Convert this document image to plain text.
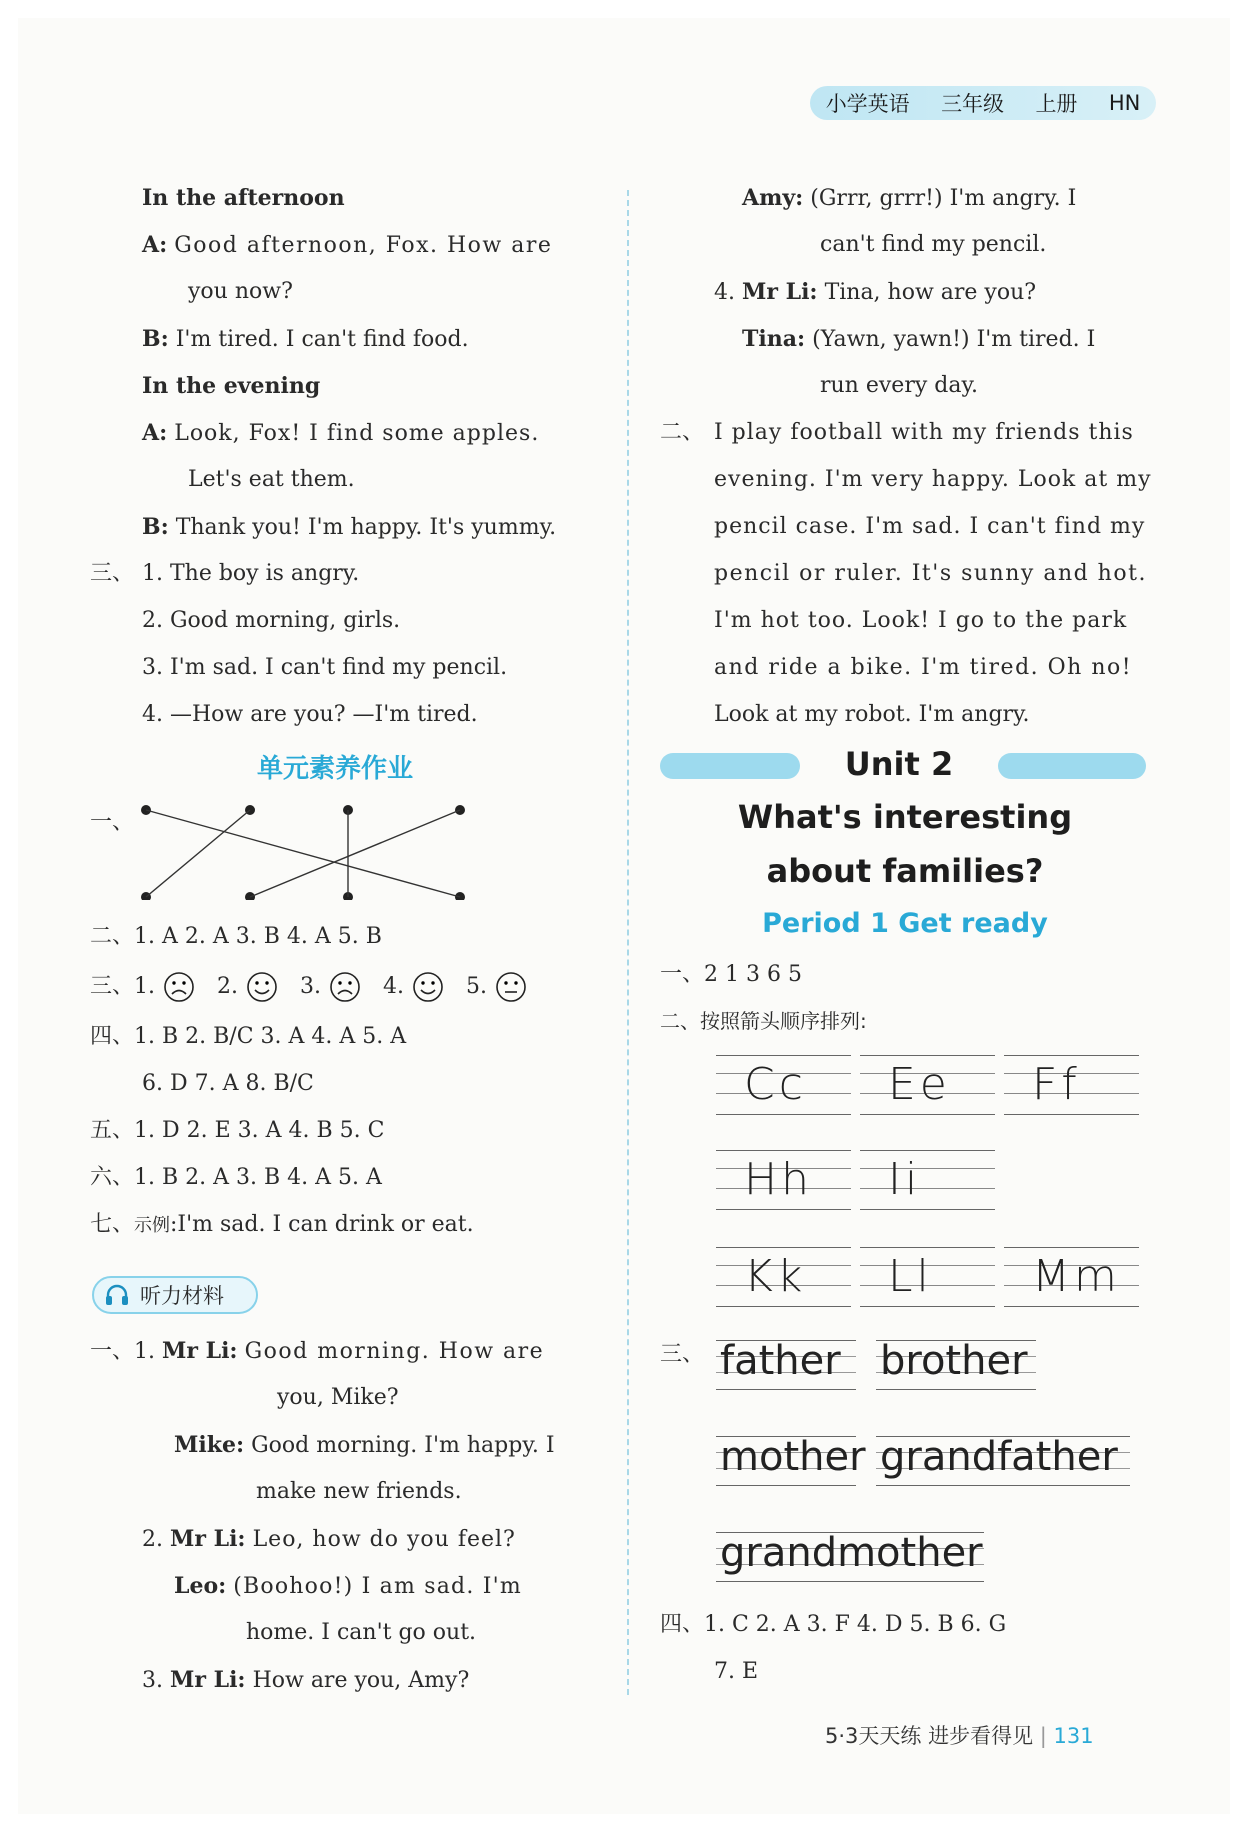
小学英语 三年级 上册 HN
In the afternoon
A: Good afternoon, Fox. How are
you now?
B: I'm tired. I can't find food.
In the evening
A: Look, Fox! I find some apples.
Let's eat them.
B: Thank you! I'm happy. It's yummy.
三、 1. The boy is angry.
2. Good morning, girls.
3. I'm sad. I can't find my pencil.
4. —How are you? —I'm tired.
单元素养作业
一、
二、1. A 2. A 3. B 4. A 5. B
三、1.	2.	3.	4.	5.
四、1. B 2. B/C 3. A 4. A 5. A
6. D 7. A 8. B/C
五、1. D 2. E 3. A 4. B 5. C
六、1. B 2. A 3. B 4. A 5. A
七、示例:I'm sad. I can drink or eat.
听力材料
一、1. Mr Li: Good morning. How are
you, Mike?
Mike: Good morning. I'm happy. I
make new friends.
2. Mr Li: Leo, how do you feel?
Leo: (Boohoo!) I am sad. I'm
home. I can't go out.
3. Mr Li: How are you, Amy?
Amy: (Grrr, grrr!) I'm angry. I
can't find my pencil.
4. Mr Li: Tina, how are you?
Tina: (Yawn, yawn!) I'm tired. I
run every day.
二、 I play football with my friends this
evening. I'm very happy. Look at my
pencil case. I'm sad. I can't find my
pencil or ruler. It's sunny and hot.
I'm hot too. Look! I go to the park
and ride a bike. I'm tired. Oh no!
Look at my robot. I'm angry.
Unit 2
What's interesting
about families?
Period 1 Get ready
一、2 1 3 6 5
二、按照箭头顺序排列:
Cc Ee Ff
Hh Ii
Kk Ll Mm
三、 father brother
mother grandfather
grandmother
四、1. C 2. A 3. F 4. D 5. B 6. G
7. E
5·3天天练 进步看得见 | 131
